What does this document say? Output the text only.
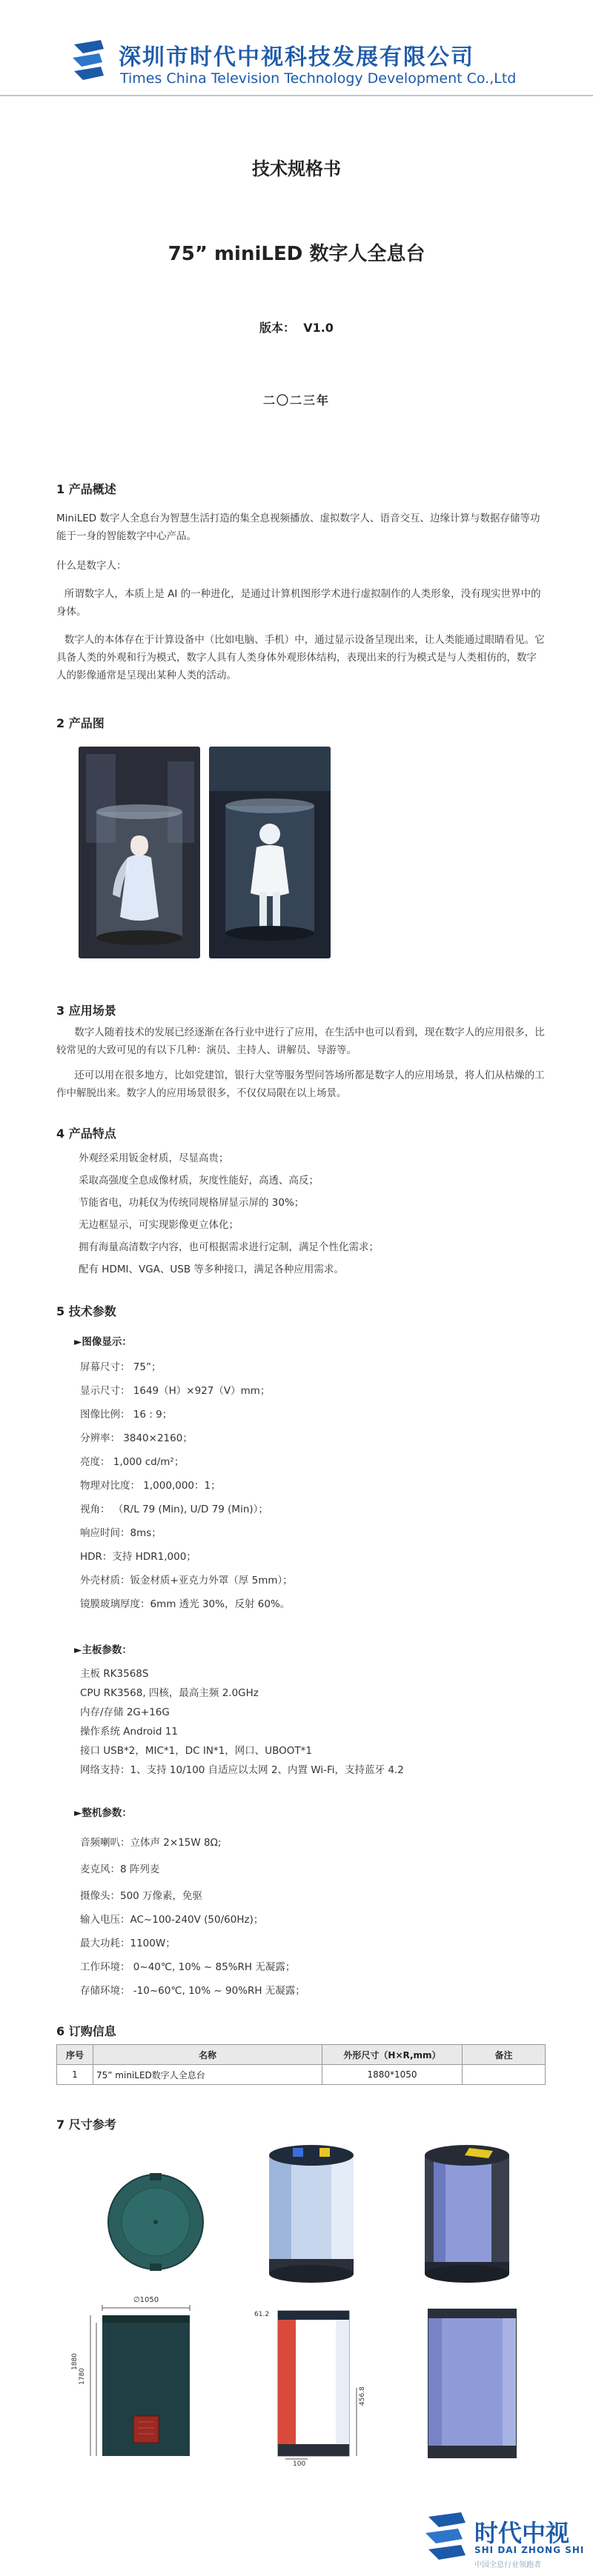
深圳市时代中视科技发展有限公司
Times China Television Technology Development Co.,Ltd
技术规格书
75” miniLED 数字人全息台
版本： V1.0
二〇二三年
1 产品概述
MiniLED 数字人全息台为智慧生活打造的集全息视频播放、虚拟数字人、语音交互、边缘计算与数据存储等功能于一身的智能数字中心产品。
什么是数字人：
所谓数字人，本质上是 AI 的一种进化，是通过计算机图形学术进行虚拟制作的人类形象，没有现实世界中的身体。
数字人的本体存在于计算设备中（比如电脑、手机）中，通过显示设备呈现出来，让人类能通过眼睛看见。它具备人类的外观和行为模式，数字人具有人类身体外观形体结构，表现出来的行为模式是与人类相仿的，数字人的影像通常是呈现出某种人类的活动。
2 产品图
3 应用场景
数字人随着技术的发展已经逐渐在各行业中进行了应用，在生活中也可以看到，现在数字人的应用很多，比较常见的大致可见的有以下几种：演员、主持人、讲解员、导游等。
还可以用在很多地方，比如党建馆，银行大堂等服务型问答场所都是数字人的应用场景，将人们从枯燥的工作中解脱出来。数字人的应用场景很多，不仅仅局限在以上场景。
4 产品特点
外观经采用钣金材质，尽显高贵；
采取高强度全息成像材质，灰度性能好，高透、高反；
节能省电，功耗仅为传统同规格屏显示屏的 30%；
无边框显示，可实现影像更立体化；
拥有海量高清数字内容，也可根据需求进行定制，满足个性化需求；
配有 HDMI、VGA、USB 等多种接口，满足各种应用需求。
5 技术参数
►图像显示：
屏幕尺寸： 75”；
显示尺寸： 1649（H）×927（V）mm；
图像比例： 16 : 9；
分辨率： 3840×2160；
亮度： 1,000 cd/m²；
物理对比度： 1,000,000：1；
视角： （R/L 79 (Min), U/D 79 (Min)）；
响应时间：8ms；
HDR：支持 HDR1,000；
外壳材质：钣金材质+亚克力外罩（厚 5mm）；
镜膜玻璃厚度：6mm 透光 30%，反射 60%。
►主板参数：
主板 RK3568S
CPU RK3568, 四核，最高主频 2.0GHz
内存/存储 2G+16G
操作系统 Android 11
接口 USB*2，MIC*1，DC IN*1，网口、UBOOT*1
网络支持：1、支持 10/100 自适应以太网 2、内置 Wi-Fi，支持蓝牙 4.2
►整机参数：
音频喇叭：立体声 2×15W 8Ω;
麦克风：8 阵列麦
摄像头：500 万像素，免驱
输入电压：AC~100-240V (50/60Hz)；
最大功耗：1100W；
工作环境： 0~40℃, 10% ~ 85%RH 无凝露；
存储环境： -10~60℃, 10% ~ 90%RH 无凝露；
6 订购信息
序号	名称	外形尺寸（H×R,mm）	备注
1	75” miniLED数字人全息台	1880*1050	
7 尺寸参考
∅1050
1880
1780
61.2
456.8
100
时代中视
SHI DAI ZHONG SHI
中国全息行业领跑者
